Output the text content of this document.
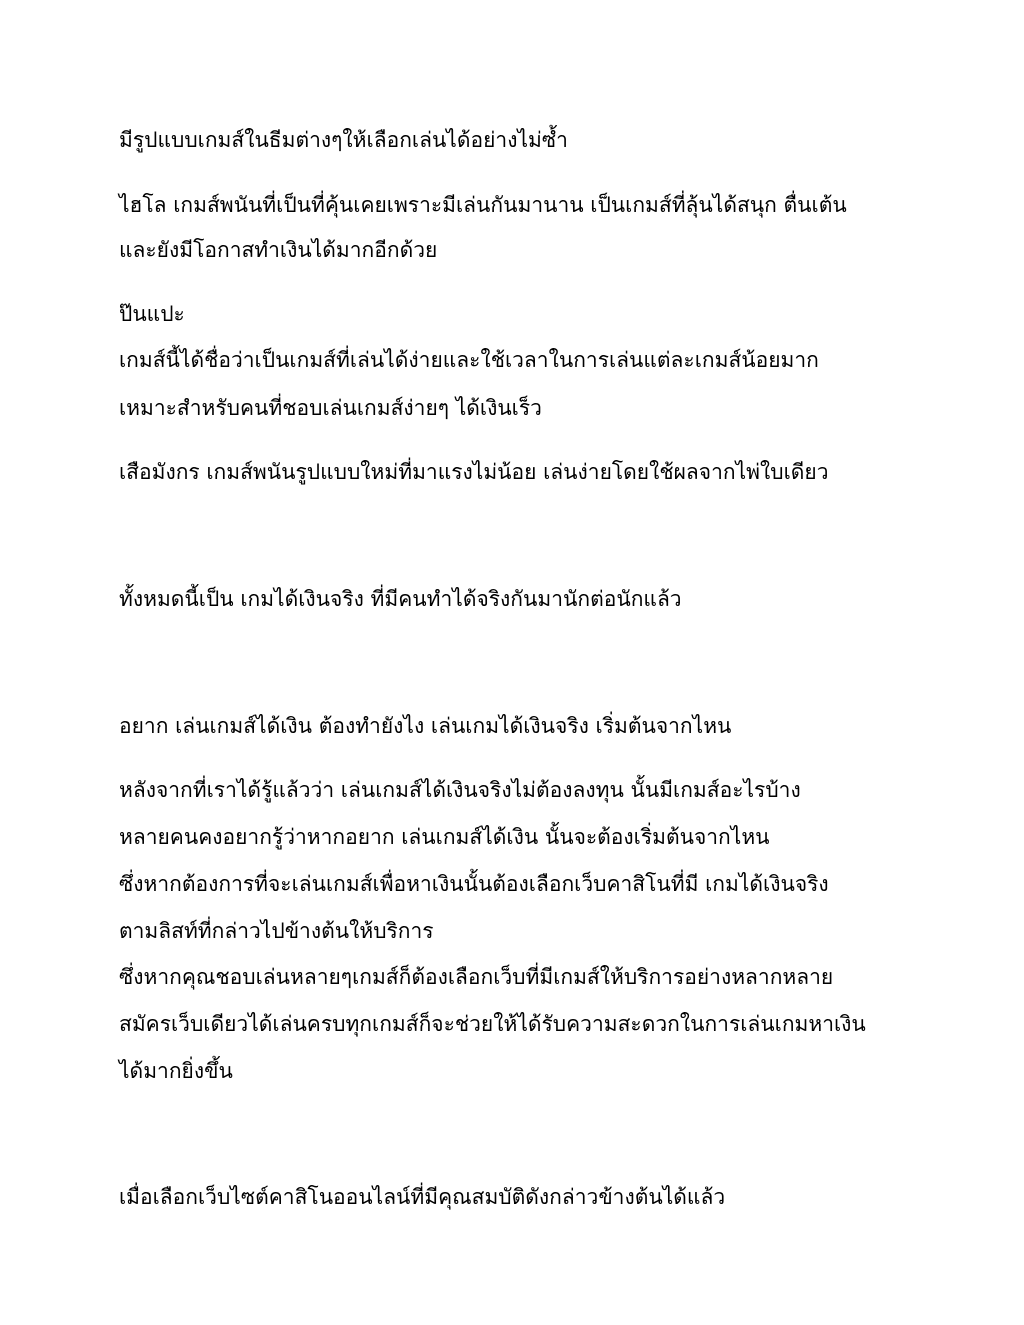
มีรูปแบบเกมส์ในธีมต่างๆให้เลือกเล่นได้อย่างไม่ซ้ำ

ไฮโล เกมส์พนันที่เป็นที่คุ้นเคยเพราะมีเล่นกันมานาน เป็นเกมส์ที่ลุ้นได้สนุก ตื่นเต้น

และยังมีโอกาสทำเงินได้มากอีกด้วย

ป๊นแปะ

เกมส์นี้ได้ชื่อว่าเป็นเกมส์ที่เล่นได้ง่ายและใช้เวลาในการเล่นแต่ละเกมส์น้อยมาก

เหมาะสำหรับคนที่ชอบเล่นเกมส์ง่ายๆ ได้เงินเร็ว

เสือมังกร เกมส์พนันรูปแบบใหม่ที่มาแรงไม่น้อย เล่นง่ายโดยใช้ผลจากไพ่ใบเดียว

ทั้งหมดนี้เป็น เกมได้เงินจริง ที่มีคนทำได้จริงกันมานักต่อนักแล้ว

อยาก เล่นเกมส์ได้เงิน ต้องทำยังไง เล่นเกมได้เงินจริง เริ่มต้นจากไหน

หลังจากที่เราได้รู้แล้วว่า เล่นเกมส์ได้เงินจริงไม่ต้องลงทุน นั้นมีเกมส์อะไรบ้าง

หลายคนคงอยากรู้ว่าหากอยาก เล่นเกมส์ได้เงิน นั้นจะต้องเริ่มต้นจากไหน

ซึ่งหากต้องการที่จะเล่นเกมส์เพื่อหาเงินนั้นต้องเลือกเว็บคาสิโนที่มี เกมได้เงินจริง

ตามลิสท์ที่กล่าวไปข้างต้นให้บริการ

ซึ่งหากคุณชอบเล่นหลายๆเกมส์ก็ต้องเลือกเว็บที่มีเกมส์ให้บริการอย่างหลากหลาย

สมัครเว็บเดียวได้เล่นครบทุกเกมส์ก็จะช่วยให้ได้รับความสะดวกในการเล่นเกมหาเงิน

ได้มากยิ่งขึ้น

เมื่อเลือกเว็บไซต์คาสิโนออนไลน์ที่มีคุณสมบัติดังกล่าวข้างต้นได้แล้ว
